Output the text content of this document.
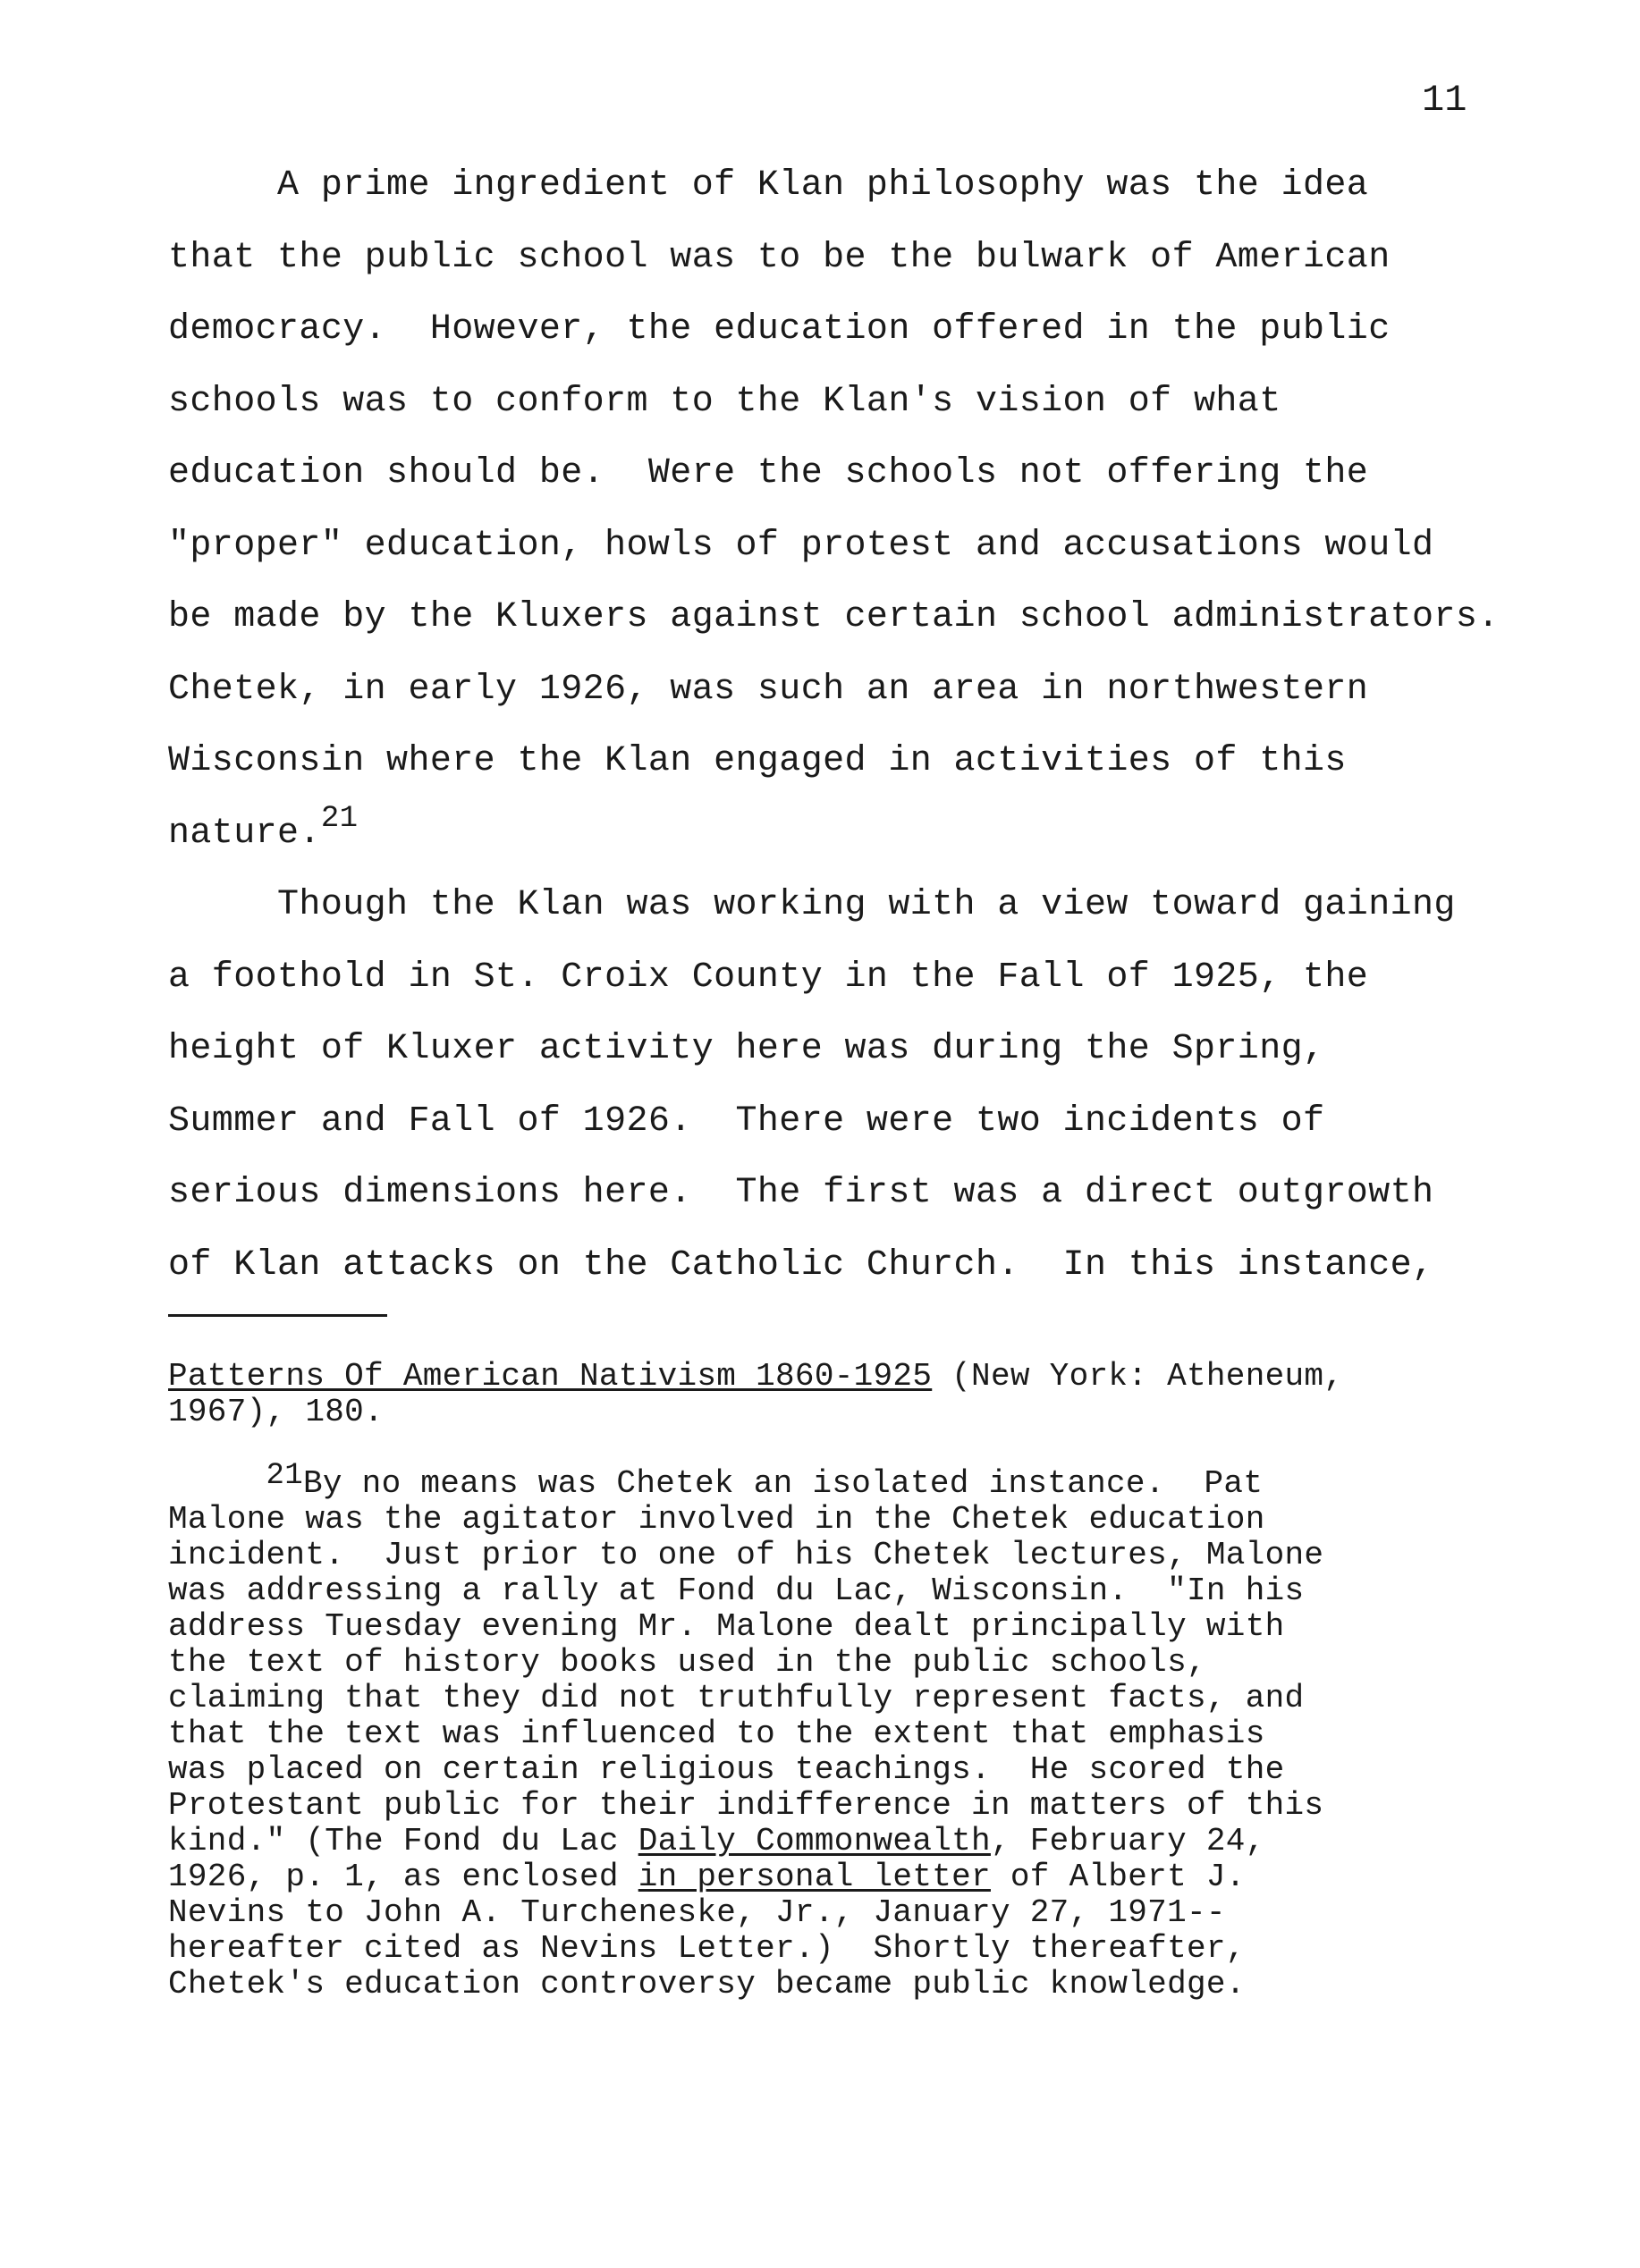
11
A prime ingredient of Klan philosophy was the idea
that the public school was to be the bulwark of American
democracy.  However, the education offered in the public
schools was to conform to the Klan's vision of what
education should be.  Were the schools not offering the
"proper" education, howls of protest and accusations would
be made by the Kluxers against certain school administrators.
Chetek, in early 1926, was such an area in northwestern
Wisconsin where the Klan engaged in activities of this
nature.$^{21}$
Though the Klan was working with a view toward gaining
a foothold in St. Croix County in the Fall of 1925, the
height of Kluxer activity here was during the Spring,
Summer and Fall of 1926.  There were two incidents of
serious dimensions here.  The first was a direct outgrowth
of Klan attacks on the Catholic Church.  In this instance,
Patterns Of American Nativism 1860-1925 (New York: Atheneum,
1967), 180.
21By no means was Chetek an isolated instance.  Pat
Malone was the agitator involved in the Chetek education
incident.  Just prior to one of his Chetek lectures, Malone
was addressing a rally at Fond du Lac, Wisconsin.  "In his
address Tuesday evening Mr. Malone dealt principally with
the text of history books used in the public schools,
claiming that they did not truthfully represent facts, and
that the text was influenced to the extent that emphasis
was placed on certain religious teachings.  He scored the
Protestant public for their indifference in matters of this
kind." (The Fond du Lac Daily Commonwealth, February 24,
1926, p. 1, as enclosed in personal letter of Albert J.
Nevins to John A. Turcheneske, Jr., January 27, 1971--
hereafter cited as Nevins Letter.)  Shortly thereafter,
Chetek's education controversy became public knowledge.
